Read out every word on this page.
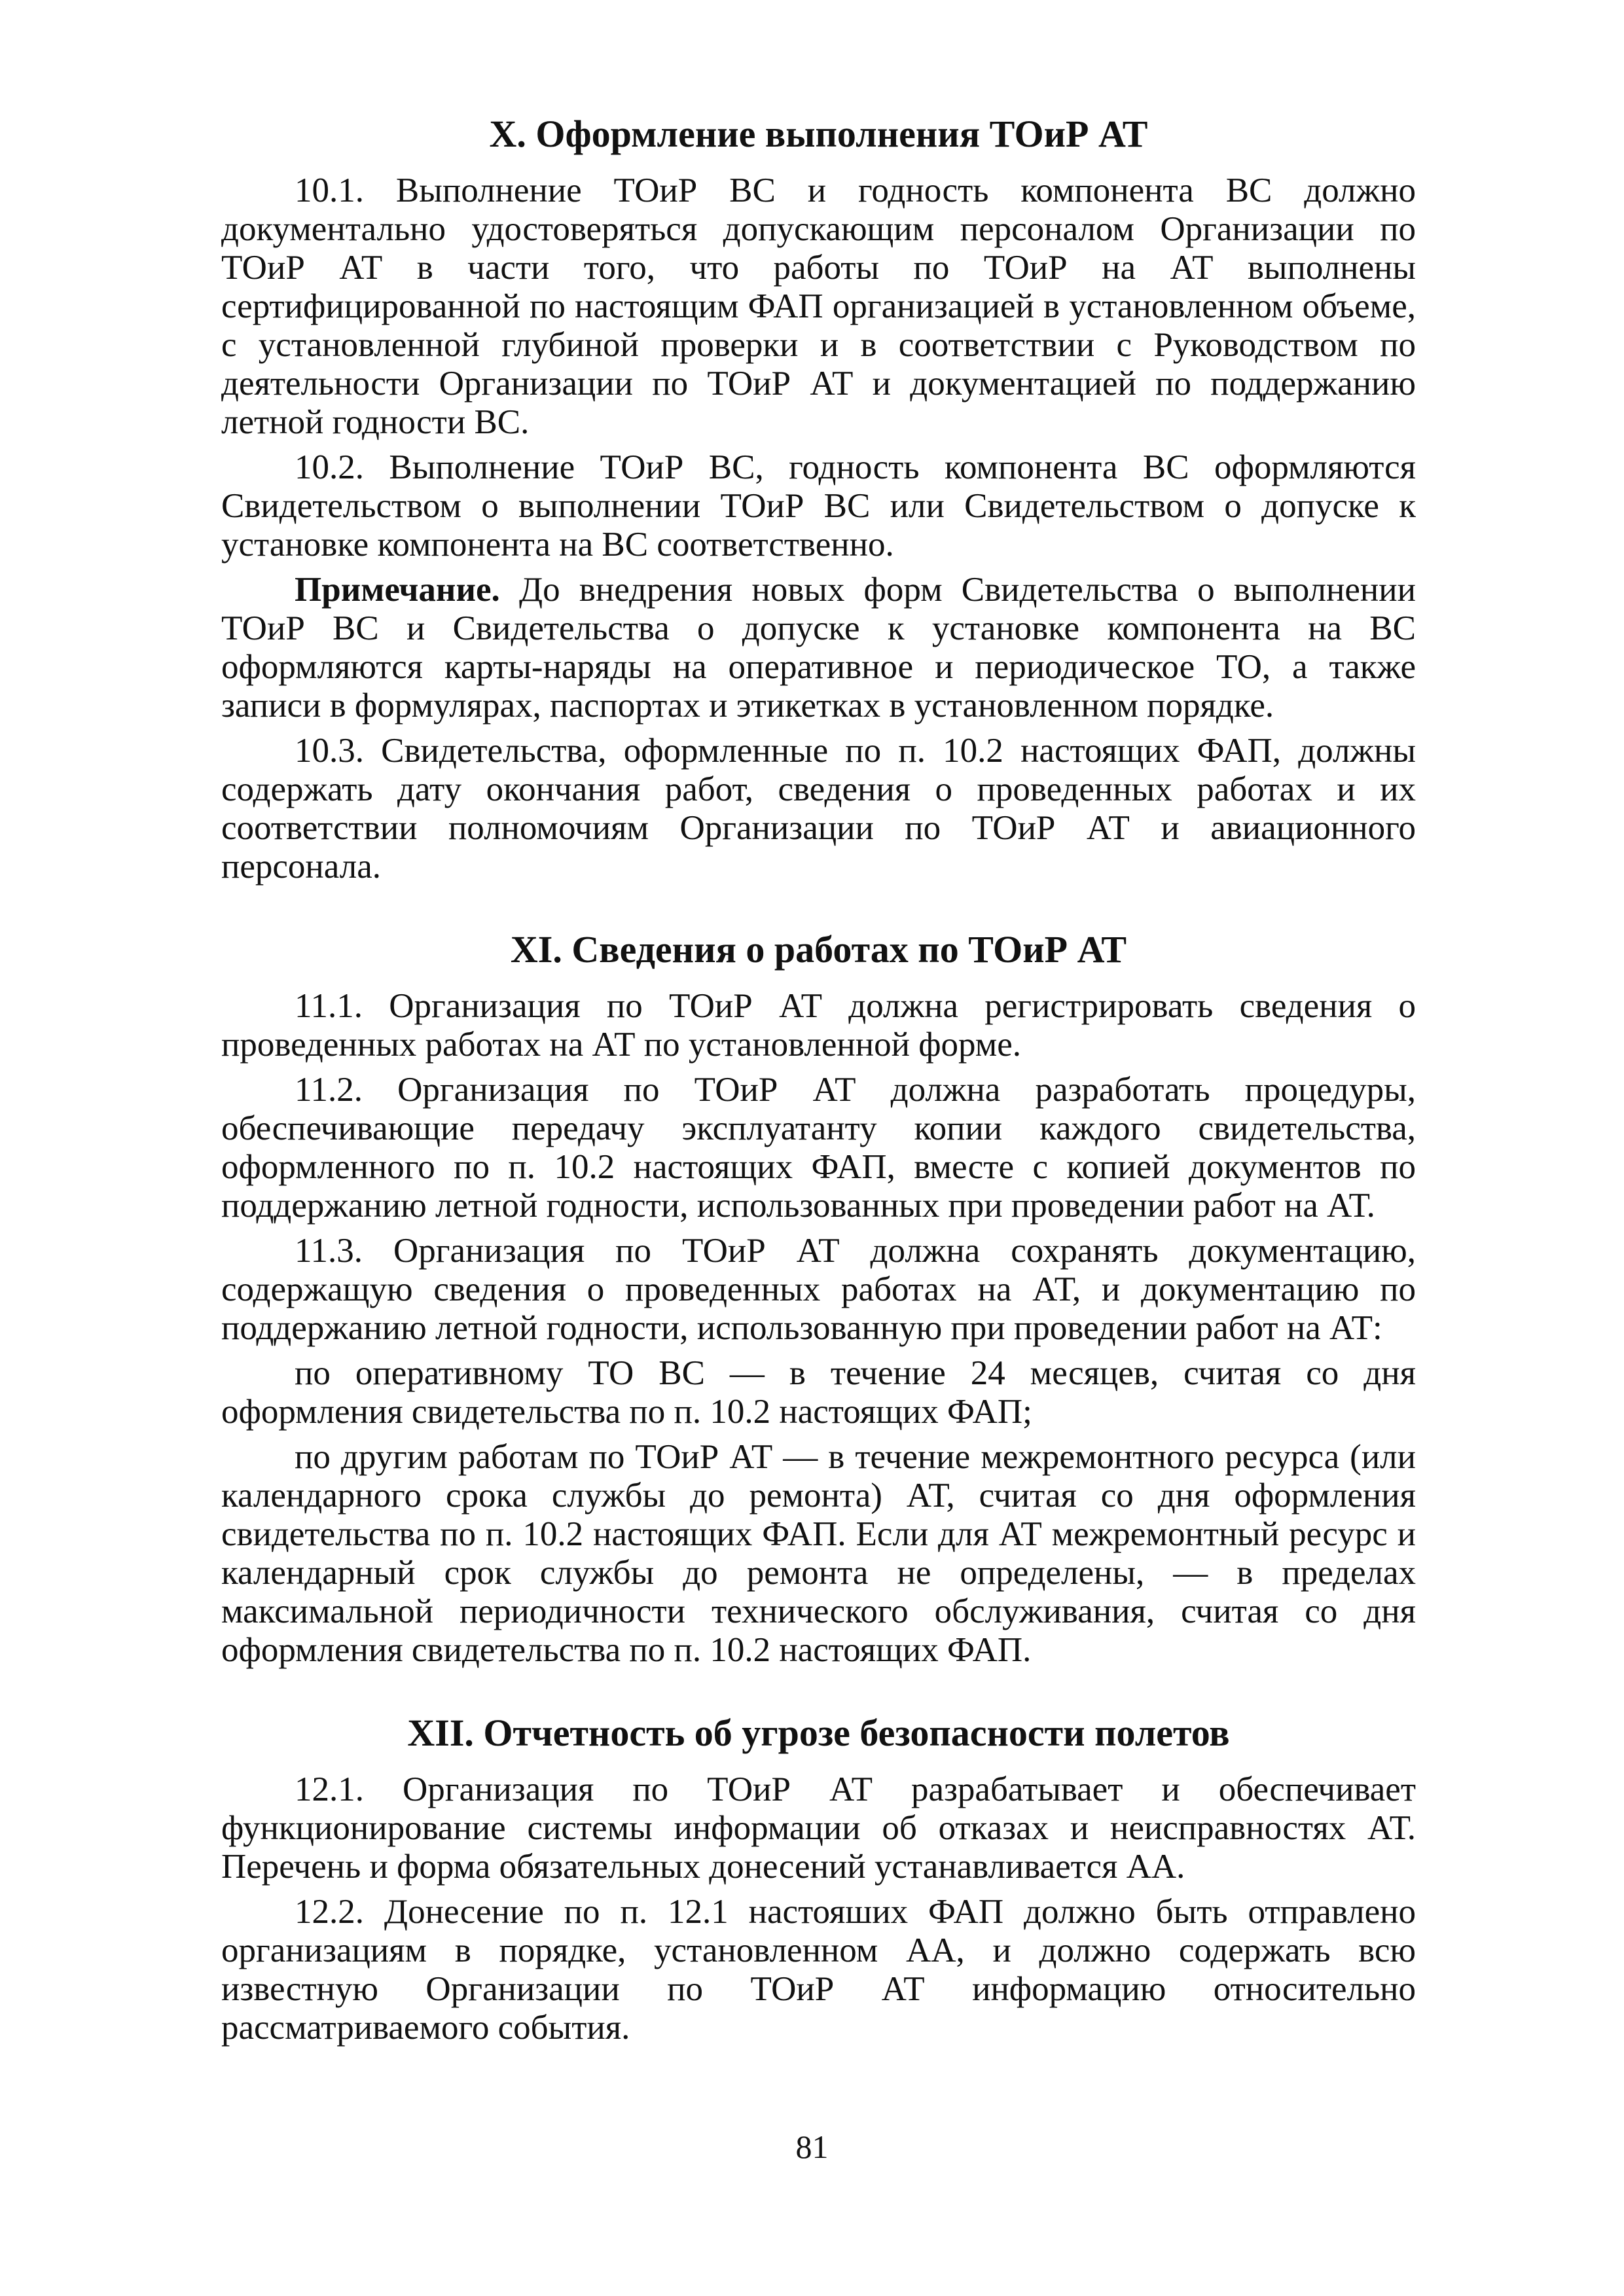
X. Оформление выполнения ТОиР АТ

10.1. Выполнение ТОиР ВС и годность компонента ВС должно документально удостоверяться допускающим персоналом Организации по ТОиР АТ в части того, что работы по ТОиР на АТ выполнены сертифицированной по настоящим ФАП организацией в установленном объеме, с установленной глубиной проверки и в соответствии с Руководством по деятельности Организации по ТОиР АТ и документацией по поддержанию летной годности ВС.

10.2. Выполнение ТОиР ВС, годность компонента ВС оформляются Свидетельством о выполнении ТОиР ВС или Свидетельством о допуске к установке компонента на ВС соответственно.

Примечание. До внедрения новых форм Свидетельства о выполнении ТОиР ВС и Свидетельства о допуске к установке компонента на ВС оформляются карты-наряды на оперативное и периодическое ТО, а также записи в формулярах, паспортах и этикетках в установленном порядке.

10.3. Свидетельства, оформленные по п. 10.2 настоящих ФАП, должны содержать дату окончания работ, сведения о проведенных работах и их соответствии полномочиям Организации по ТОиР АТ и авиационного персонала.

XI. Сведения о работах по ТОиР АТ

11.1. Организация по ТОиР АТ должна регистрировать сведения о проведенных работах на АТ по установленной форме.

11.2. Организация по ТОиР АТ должна разработать процедуры, обеспечивающие передачу эксплуатанту копии каждого свидетельства, оформленного по п. 10.2 настоящих ФАП, вместе с копией документов по поддержанию летной годности, использованных при проведении работ на АТ.

11.3. Организация по ТОиР АТ должна сохранять документацию, содержащую сведения о проведенных работах на АТ, и документацию по поддержанию летной годности, использованную при проведении работ на АТ:

по оперативному ТО ВС — в течение 24 месяцев, считая со дня оформления свидетельства по п. 10.2 настоящих ФАП;

по другим работам по ТОиР АТ — в течение межремонтного ресурса (или календарного срока службы до ремонта) АТ, считая со дня оформления свидетельства по п. 10.2 настоящих ФАП. Если для АТ межремонтный ресурс и календарный срок службы до ремонта не определены, — в пределах максимальной периодичности технического обслуживания, считая со дня оформления свидетельства по п. 10.2 настоящих ФАП.

XII. Отчетность об угрозе безопасности полетов

12.1. Организация по ТОиР АТ разрабатывает и обеспечивает функционирование системы информации об отказах и неисправностях АТ. Перечень и форма обязательных донесений устанавливается АА.

12.2. Донесение по п. 12.1 настояших ФАП должно быть отправлено организациям в порядке, установленном АА, и должно содержать всю известную Организации по ТОиР АТ информацию относительно рассматриваемого события.

81
